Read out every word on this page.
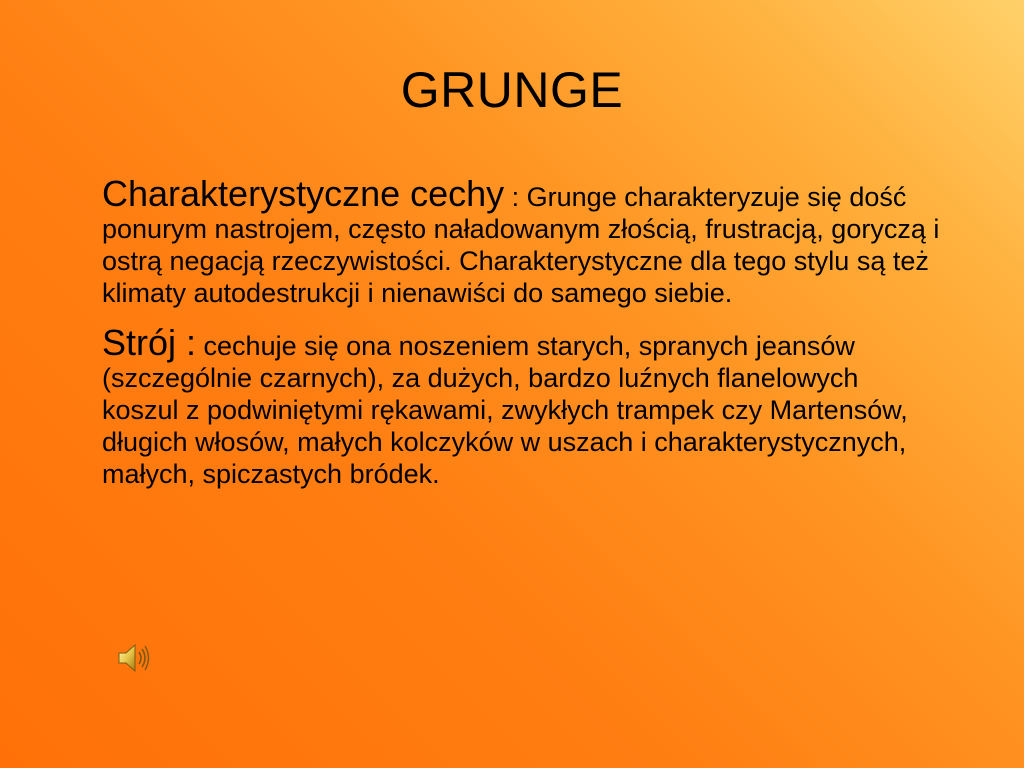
GRUNGE

Charakterystyczne cechy : Grunge charakteryzuje się dość ponurym nastrojem, często naładowanym złością, frustracją, goryczą i ostrą negacją rzeczywistości. Charakterystyczne dla tego stylu są też klimaty autodestrukcji i nienawiści do samego siebie.

Strój : cechuje się ona noszeniem starych, spranych jeansów (szczególnie czarnych), za dużych, bardzo luźnych flanelowych koszul z podwiniętymi rękawami, zwykłych trampek czy Martensów, długich włosów, małych kolczyków w uszach i charakterystycznych, małych, spiczastych bródek.
